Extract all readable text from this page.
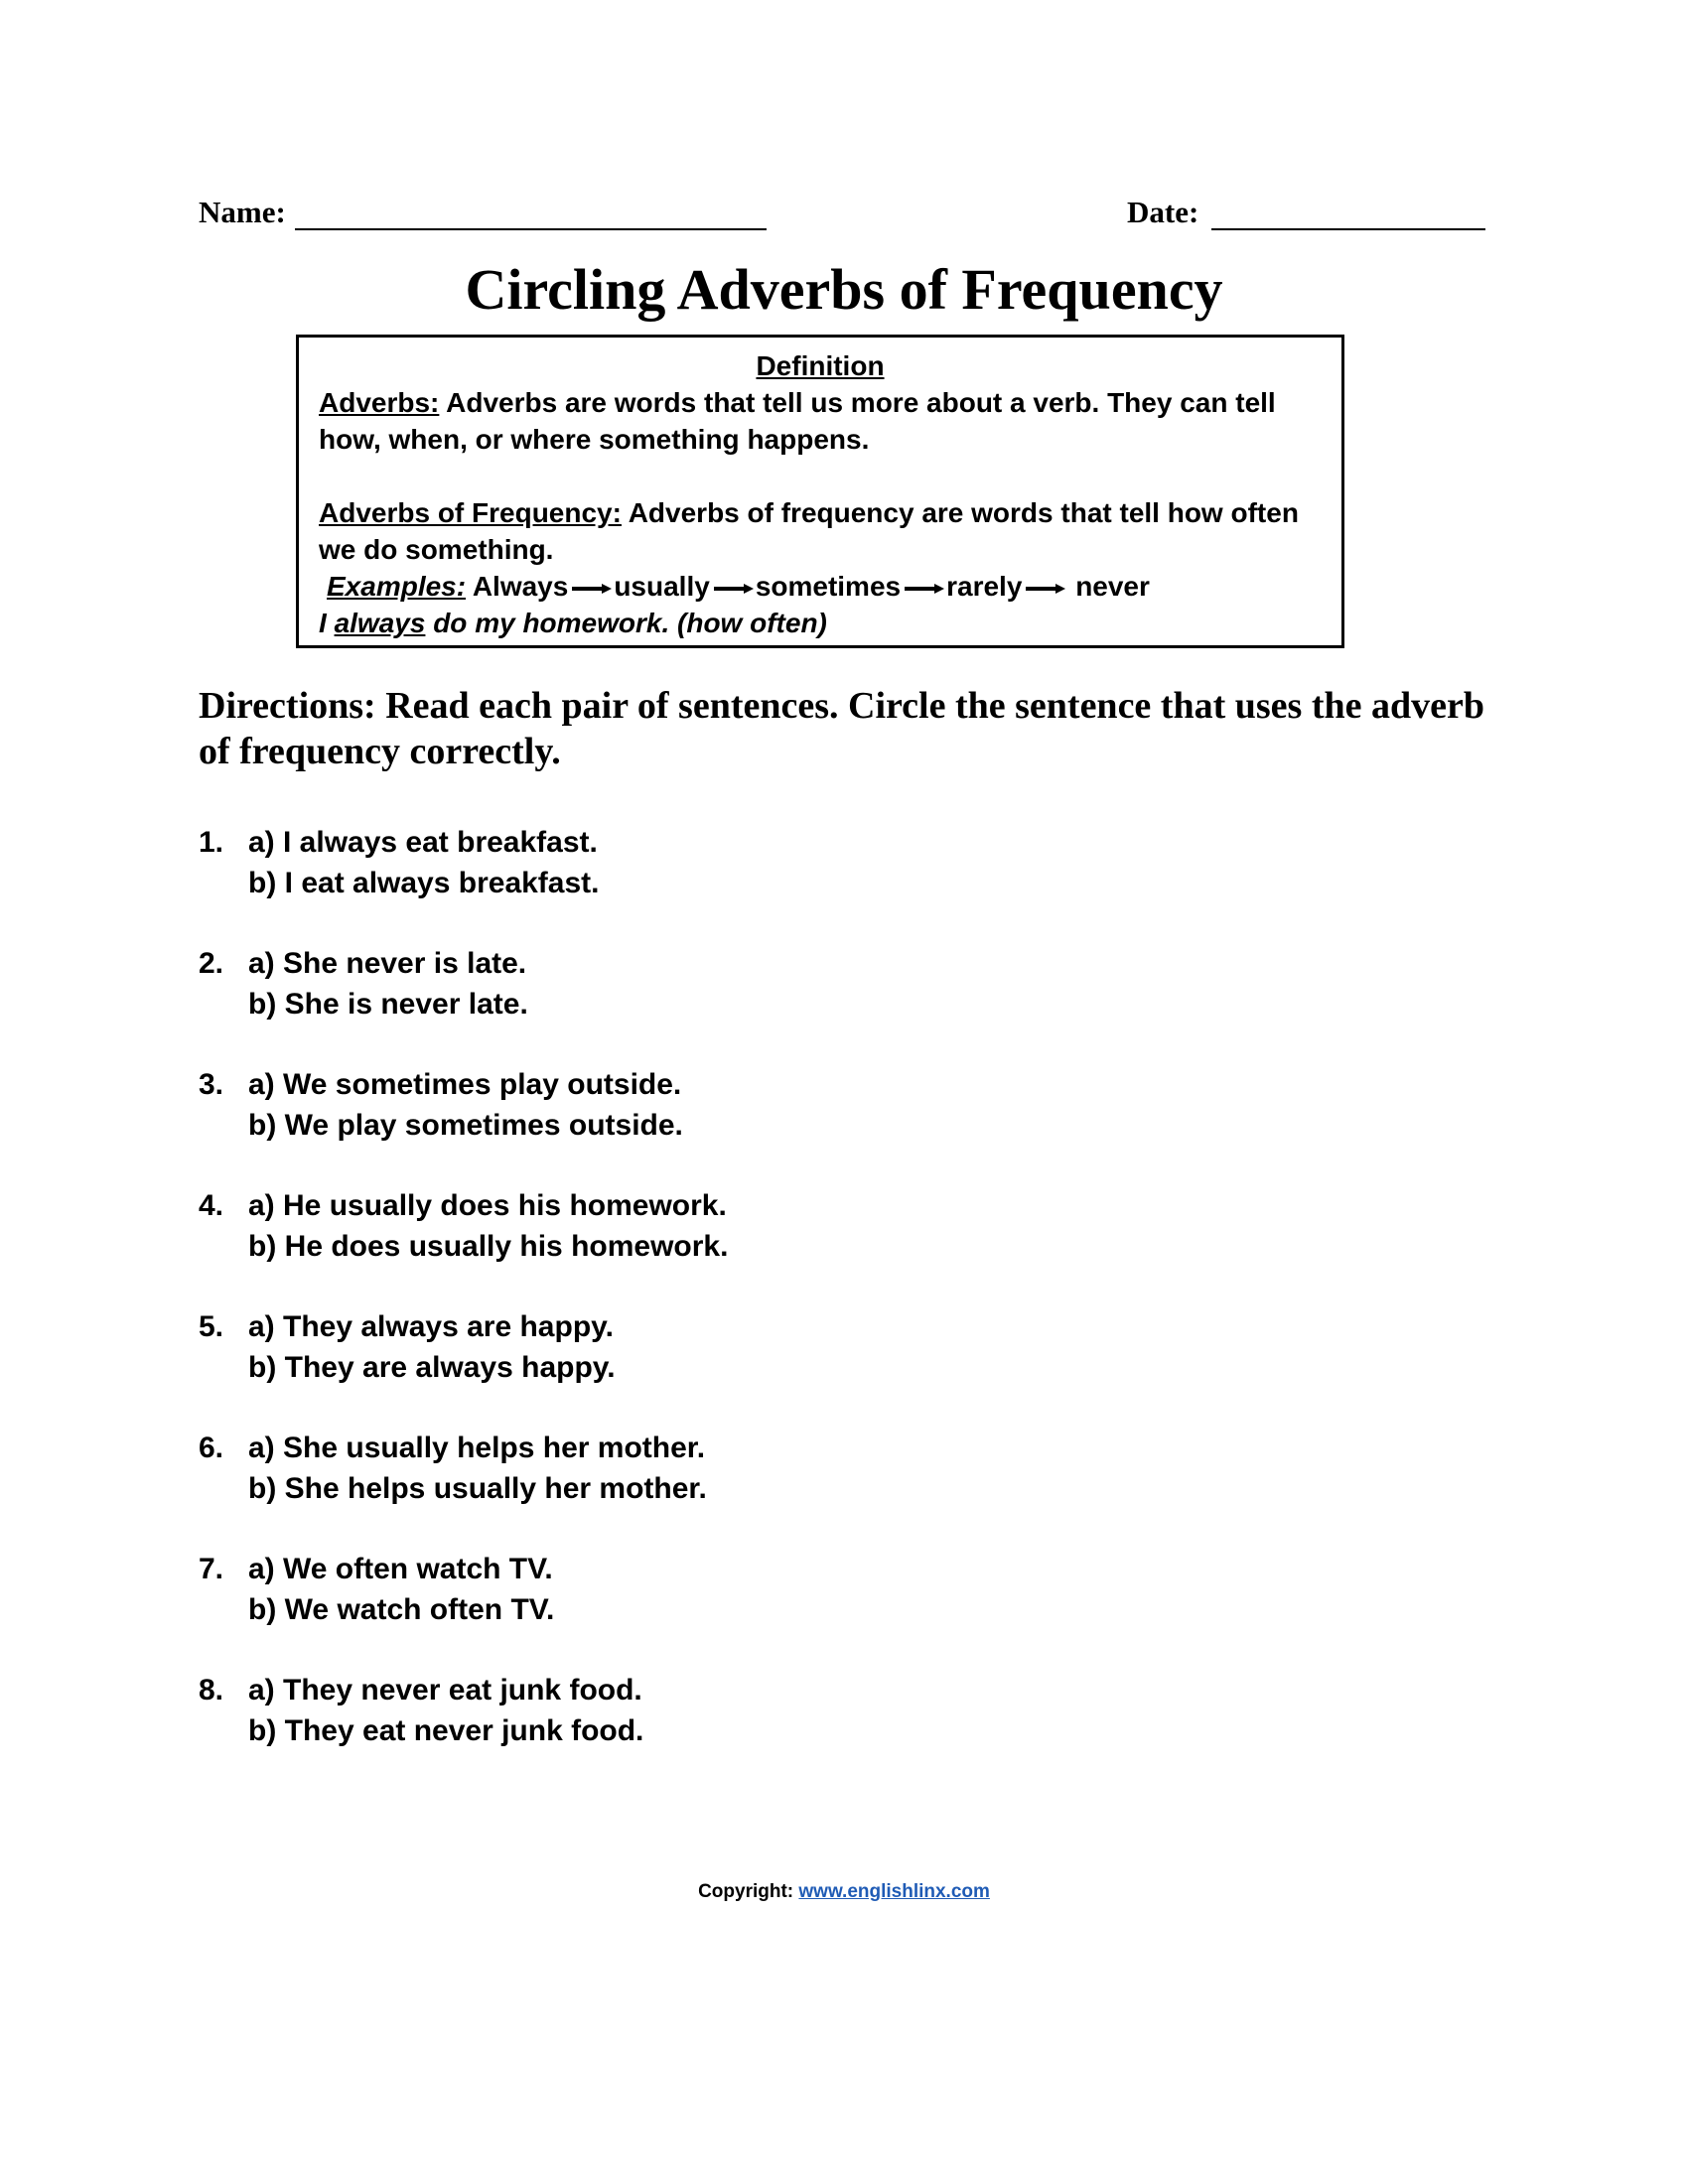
Name:	Date:
Circling Adverbs of Frequency
Definition
Adverbs: Adverbs are words that tell us more about a verb. They can tell how, when, or where something happens.
Adverbs of Frequency: Adverbs of frequency are words that tell how often we do something.
Examples: Always usually sometimes rarely never
I always do my homework. (how often)

Directions: Read each pair of sentences. Circle the sentence that uses the adverb of frequency correctly.

1. a) I always eat breakfast.
b) I eat always breakfast.
2. a) She never is late.
b) She is never late.
3. a) We sometimes play outside.
b) We play sometimes outside.
4. a) He usually does his homework.
b) He does usually his homework.
5. a) They always are happy.
b) They are always happy.
6. a) She usually helps her mother.
b) She helps usually her mother.
7. a) We often watch TV.
b) We watch often TV.
8. a) They never eat junk food.
b) They eat never junk food.
Copyright: www.englishlinx.com
